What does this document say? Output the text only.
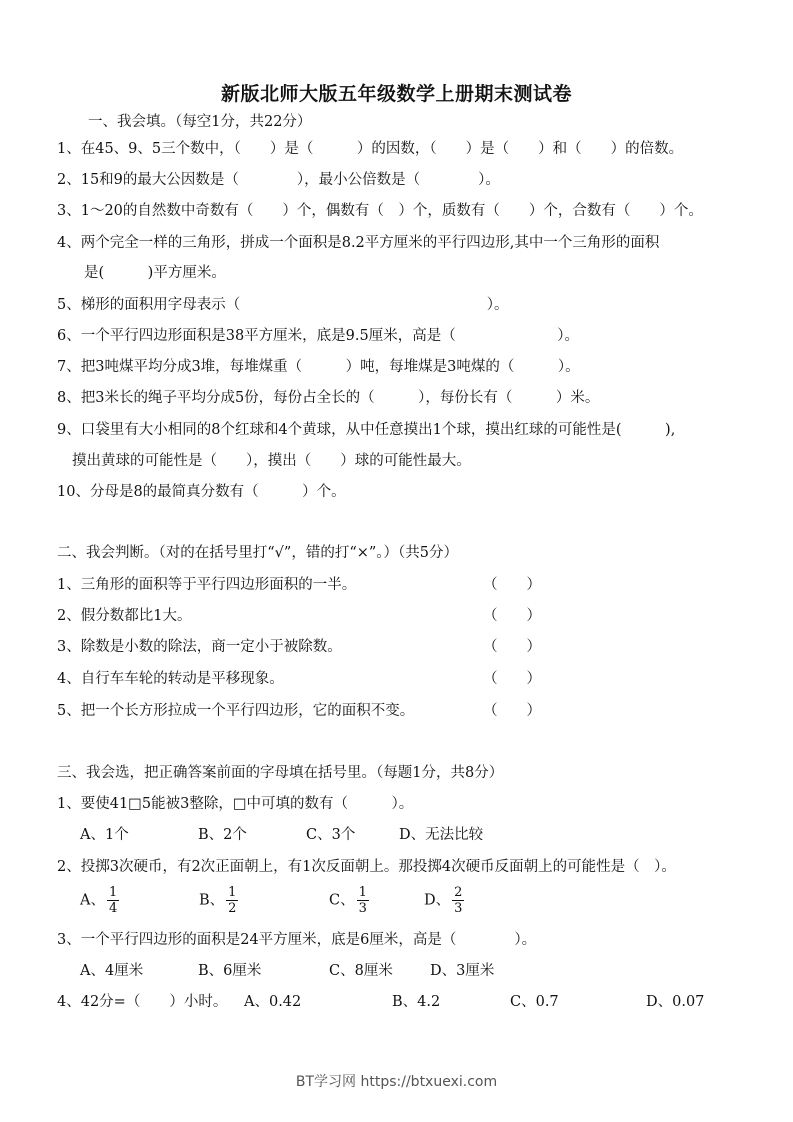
新版北师大版五年级数学上册期末测试卷
一、我会填。（每空1分，共22分）
1、在45、9、5三个数中，（　　）是（　　　）的因数，（　　）是（　　）和（　　）的倍数。
2、15和9的最大公因数是（　　　　），最小公倍数是（　　　　）。
3、1～20的自然数中奇数有（　　）个，偶数有（　）个，质数有（　　）个，合数有（　　）个。
4、两个完全一样的三角形，拼成一个面积是8.2平方厘米的平行四边形,其中一个三角形的面积
是(　　　)平方厘米。
5、梯形的面积用字母表示（　　　　　　　　　　　　　　　　　）。
6、一个平行四边形面积是38平方厘米，底是9.5厘米，高是（　　　　　　　）。
7、把3吨煤平均分成3堆，每堆煤重（　　　）吨，每堆煤是3吨煤的（　　　）。
8、把3米长的绳子平均分成5份，每份占全长的（　　　），每份长有（　　　）米。
9、口袋里有大小相同的8个红球和4个黄球，从中任意摸出1个球，摸出红球的可能性是(　　　),
摸出黄球的可能性是（　　），摸出（　　）球的可能性最大。
10、分母是8的最简真分数有（　　　）个。
二、我会判断。（对的在括号里打“√”，错的打“×”。）（共5分）
1、三角形的面积等于平行四边形面积的一半。	（　　）
2、假分数都比1大。	（　　）
3、除数是小数的除法，商一定小于被除数。	（　　）
4、自行车车轮的转动是平移现象。	（　　）
5、把一个长方形拉成一个平行四边形，它的面积不变。	（　　）
三、我会选，把正确答案前面的字母填在括号里。（每题1分，共8分）
1、要使41□5能被3整除，□中可填的数有（　　　）。
A、1个	B、2个	C、3个	D、无法比较
2、投掷3次硬币，有2次正面朝上，有1次反面朝上。那投掷4次硬币反面朝上的可能性是（　）。
A、 $\frac{1}{4}$	B、 $\frac{1}{2}$	C、 $\frac{1}{3}$	D、 $\frac{2}{3}$
3、一个平行四边形的面积是24平方厘米，底是6厘米，高是（　　　　）。
A、4厘米	B、6厘米	C、8厘米	D、3厘米
4、42分=（　　）小时。 A、0.42	B、4.2	C、0.7	D、0.07
BT学习网 https://btxuexi.com
